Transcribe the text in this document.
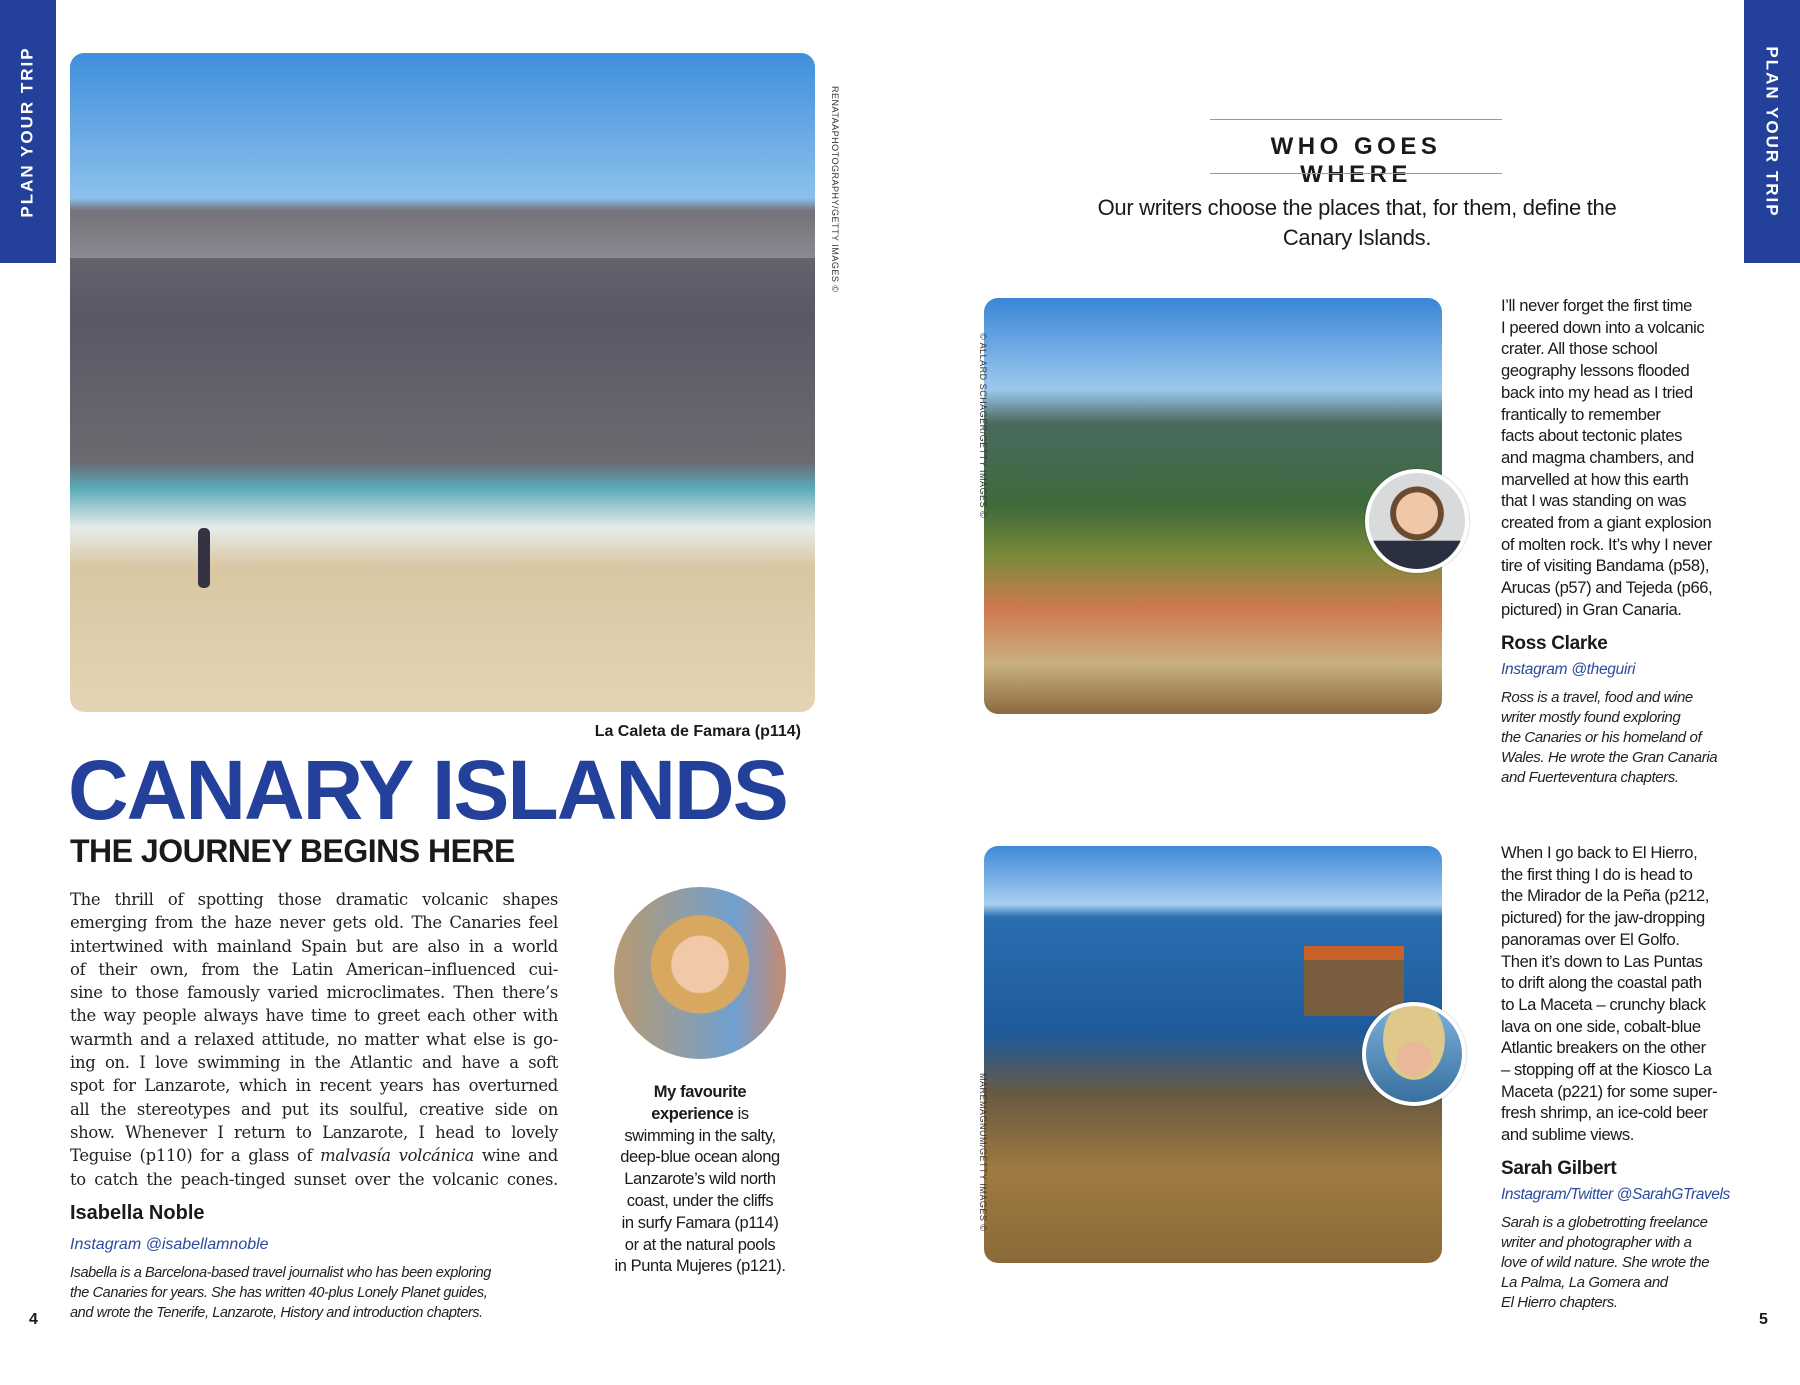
PLAN YOUR TRIP	PLAN YOUR TRIP
RENATAAPHOTOGRAPHY/GETTY IMAGES ©
La Caleta de Famara (p114)
CANARY ISLANDS
THE JOURNEY BEGINS HERE
The thrill of spotting those dramatic volcanic shapes
emerging from the haze never gets old. The Canaries feel
intertwined with mainland Spain but are also in a world
of their own, from the Latin American–influenced cui-
sine to those famously varied microclimates. Then there’s
the way people always have time to greet each other with
warmth and a relaxed attitude, no matter what else is go-
ing on. I love swimming in the Atlantic and have a soft
spot for Lanzarote, which in recent years has overturned
all the stereotypes and put its soulful, creative side on
show. Whenever I return to Lanzarote, I head to lovely
Teguise (p110) for a glass of malvasía volcánica wine and
to catch the peach-tinged sunset over the volcanic cones.
Isabella Noble
Instagram @isabellamnoble
Isabella is a Barcelona-based travel journalist who has been exploring
the Canaries for years. She has written 40-plus Lonely Planet guides,
and wrote the Tenerife, Lanzarote, History and introduction chapters.
My favourite
experience is
swimming in the salty,
deep-blue ocean along
Lanzarote’s wild north
coast, under the cliffs
in surfy Famara (p114)
or at the natural pools
in Punta Mujeres (p121).
4
WHO GOES WHERE
Our writers choose the places that, for them, define the
Canary Islands.
© ALLARD SCHAGER/GETTY IMAGES ©
I’ll never forget the first time
I peered down into a volcanic
crater. All those school
geography lessons flooded
back into my head as I tried
frantically to remember
facts about tectonic plates
and magma chambers, and
marvelled at how this earth
that I was standing on was
created from a giant explosion
of molten rock. It’s why I never
tire of visiting Bandama (p58),
Arucas (p57) and Tejeda (p66,
pictured) in Gran Canaria.
Ross Clarke
Instagram @theguiri
Ross is a travel, food and wine
writer mostly found exploring
the Canaries or his homeland of
Wales. He wrote the Gran Canaria
and Fuerteventura chapters.
MAREMAGNUM/GETTY IMAGES ©
When I go back to El Hierro,
the first thing I do is head to
the Mirador de la Peña (p212,
pictured) for the jaw-dropping
panoramas over El Golfo.
Then it’s down to Las Puntas
to drift along the coastal path
to La Maceta – crunchy black
lava on one side, cobalt-blue
Atlantic breakers on the other
– stopping off at the Kiosco La
Maceta (p221) for some super-
fresh shrimp, an ice-cold beer
and sublime views.
Sarah Gilbert
Instagram/Twitter @SarahGTravels
Sarah is a globetrotting freelance
writer and photographer with a
love of wild nature. She wrote the
La Palma, La Gomera and
El Hierro chapters.
5
